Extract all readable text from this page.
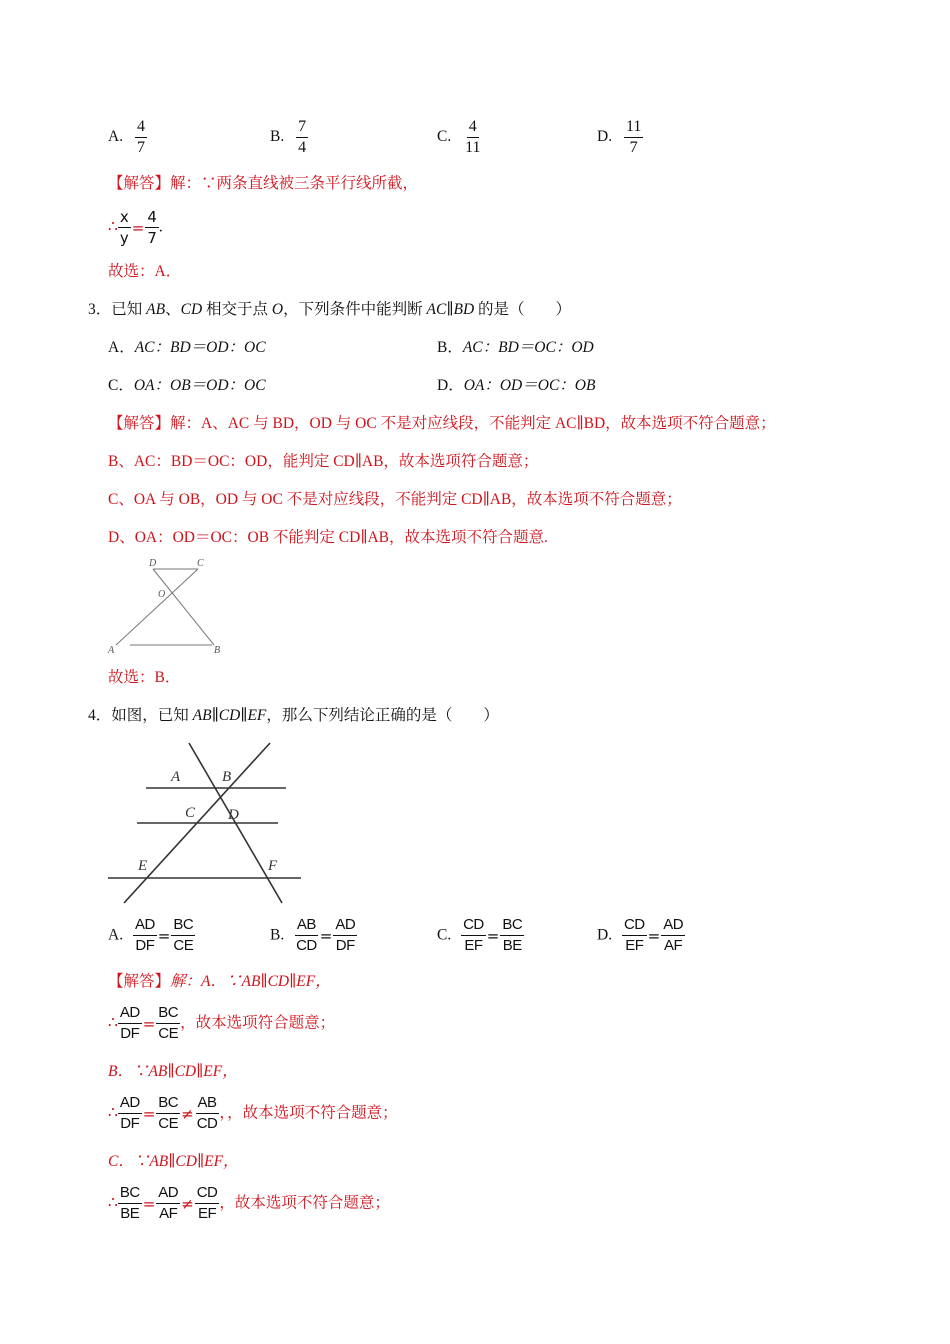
A. $\frac{4}{7}$	B. $\frac{7}{4}$	C. $\frac{4}{11}$	D. $\frac{11}{7}$
【解答】解：∵两条直线被三条平行线所截，
∴ $\frac{x}{y} = \frac{4}{7}$ .
故选：A．
3．已知 AB、CD 相交于点 O，下列条件中能判断 AC∥BD 的是（　　）
A．AC：BD＝OD：OC	B．AC：BD＝OC：OD
C．OA：OB＝OD：OC	D．OA：OD＝OC：OB
【解答】解：A、AC 与 BD，OD 与 OC 不是对应线段，不能判定 AC∥BD，故本选项不符合题意；
B、AC：BD＝OC：OD，能判定 CD∥AB，故本选项符合题意；
C、OA 与 OB，OD 与 OC 不是对应线段，不能判定 CD∥AB，故本选项不符合题意；
D、OA：OD＝OC：OB 不能判定 CD∥AB，故本选项不符合题意.
D	C
O
A	B
故选：B．
4．如图，已知 AB∥CD∥EF，那么下列结论正确的是（　　）
A	B
C D
E	F
A. $\frac{AD}{DF} = \frac{BC}{CE}$	B. $\frac{AB}{CD} = \frac{AD}{DF}$	C. $\frac{CD}{EF} = \frac{BC}{BE}$	D. $\frac{CD}{EF} = \frac{AD}{AF}$
【解答】解：A．∵AB∥CD∥EF，
∴ $\frac{AD}{DF} = \frac{BC}{CE}$ ，故本选项符合题意；
B．∵AB∥CD∥EF，
∴ $\frac{AD}{DF} = \frac{BC}{CE} \ne \frac{AB}{CD}$ ，，故本选项不符合题意；
C．∵AB∥CD∥EF，
∴ $\frac{BC}{BE} = \frac{AD}{AF} \ne \frac{CD}{EF}$ ，故本选项不符合题意；
